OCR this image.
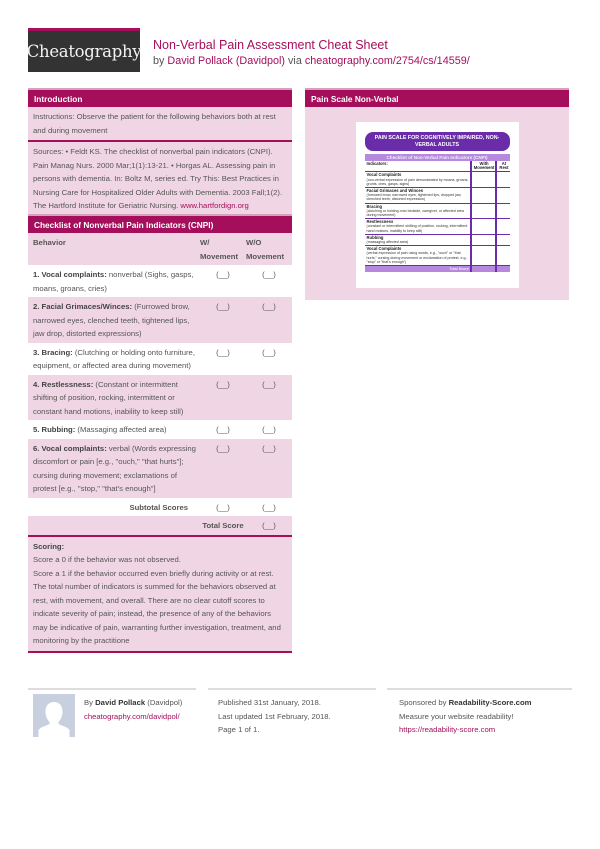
Cheatography Non-Verbal Pain Assessment Cheat Sheet
by David Pollack (Davidpol) via cheatography.com/2754/cs/14559/
Introduction
Instructions: Observe the patient for the following behaviors both at rest and during movement
Sources: • Feldt KS. The checklist of nonverbal pain indicators (CNPI). Pain Manag Nurs. 2000 Mar;1(1):13-21. • Horgas AL. Assessing pain in persons with dementia. In: Boltz M, series ed. Try This: Best Practices in Nursing Care for Hospitalized Older Adults with Dementia. 2003 Fall;1(2). The Hartford Institute for Geriatric Nursing. www.hartfordign.org
Checklist of Nonverbal Pain Indicators (CNPI)
Behavior	W/ Movement	W/O Movement
1. Vocal complaints: nonverbal (Sighs, gasps, moans, groans, cries)	(__)	(__)
2. Facial Grimaces/Winces: (Furrowed brow, narrowed eyes, clenched teeth, tightened lips, jaw drop, distorted expressions)	(__)	(__)
3. Bracing: (Clutching or holding onto furniture, equipment, or affected area during movement)	(__)	(__)
4. Restlessness: (Constant or intermittent shifting of position, rocking, intermittent or constant hand motions, inability to keep still)	(__)	(__)
5. Rubbing: (Massaging affected area)	(__)	(__)
6. Vocal complaints: verbal (Words expressing discomfort or pain [e.g., "ouch," "that hurts"]; cursing during movement; exclamations of protest [e.g., "stop," "that's enough"]	(__)	(__)
Subtotal Scores	(__)	(__)
	Total Score	(__)
Scoring:
Score a 0 if the behavior was not observed.
Score a 1 if the behavior occurred even briefly during activity or at rest. The total number of indicators is summed for the behaviors observed at rest, with movement, and overall. There are no clear cutoff scores to indicate severity of pain; instead, the presence of any of the behaviors may be indicative of pain, warranting further investigation, treatment, and monitoring by the practitione
Pain Scale Non-Verbal
PAIN SCALE FOR COGNITIVELY IMPAIRED, NON-VERBAL ADULTS
Checklist of Non-Verbal Pain Indicators (CNPI)
Indicators:	With Movement	At Rest

Vocal Complaints
(non-verbal expression of pain demonstrated by moans, groans, grunts, cries, gasps, sighs)		

Facial Grimaces and Winces
(furrowed brow, narrowed eyes, tightened lips, dropped jaw, clenched teeth, distorted expression)		

Bracing
(clutching or holding onto bedside, caregiver, or affected area during movement)		

Restlessness
(constant or intermittent shifting of position, rocking, intermittent hand motions, inability to keep still)		

Rubbing
(massaging affected area)		

Vocal Complaints
(verbal expression of pain using words, e.g., "ouch" or "that hurts," cursing during movement or exclamation of protest, e.g., "stop" or "that's enough")		

Total Score		
By David Pollack (Davidpol)
cheatography.com/davidpol/
Published 31st January, 2018.
Last updated 1st February, 2018.
Page 1 of 1.
Sponsored by Readability-Score.com
Measure your website readability!
https://readability-score.com
